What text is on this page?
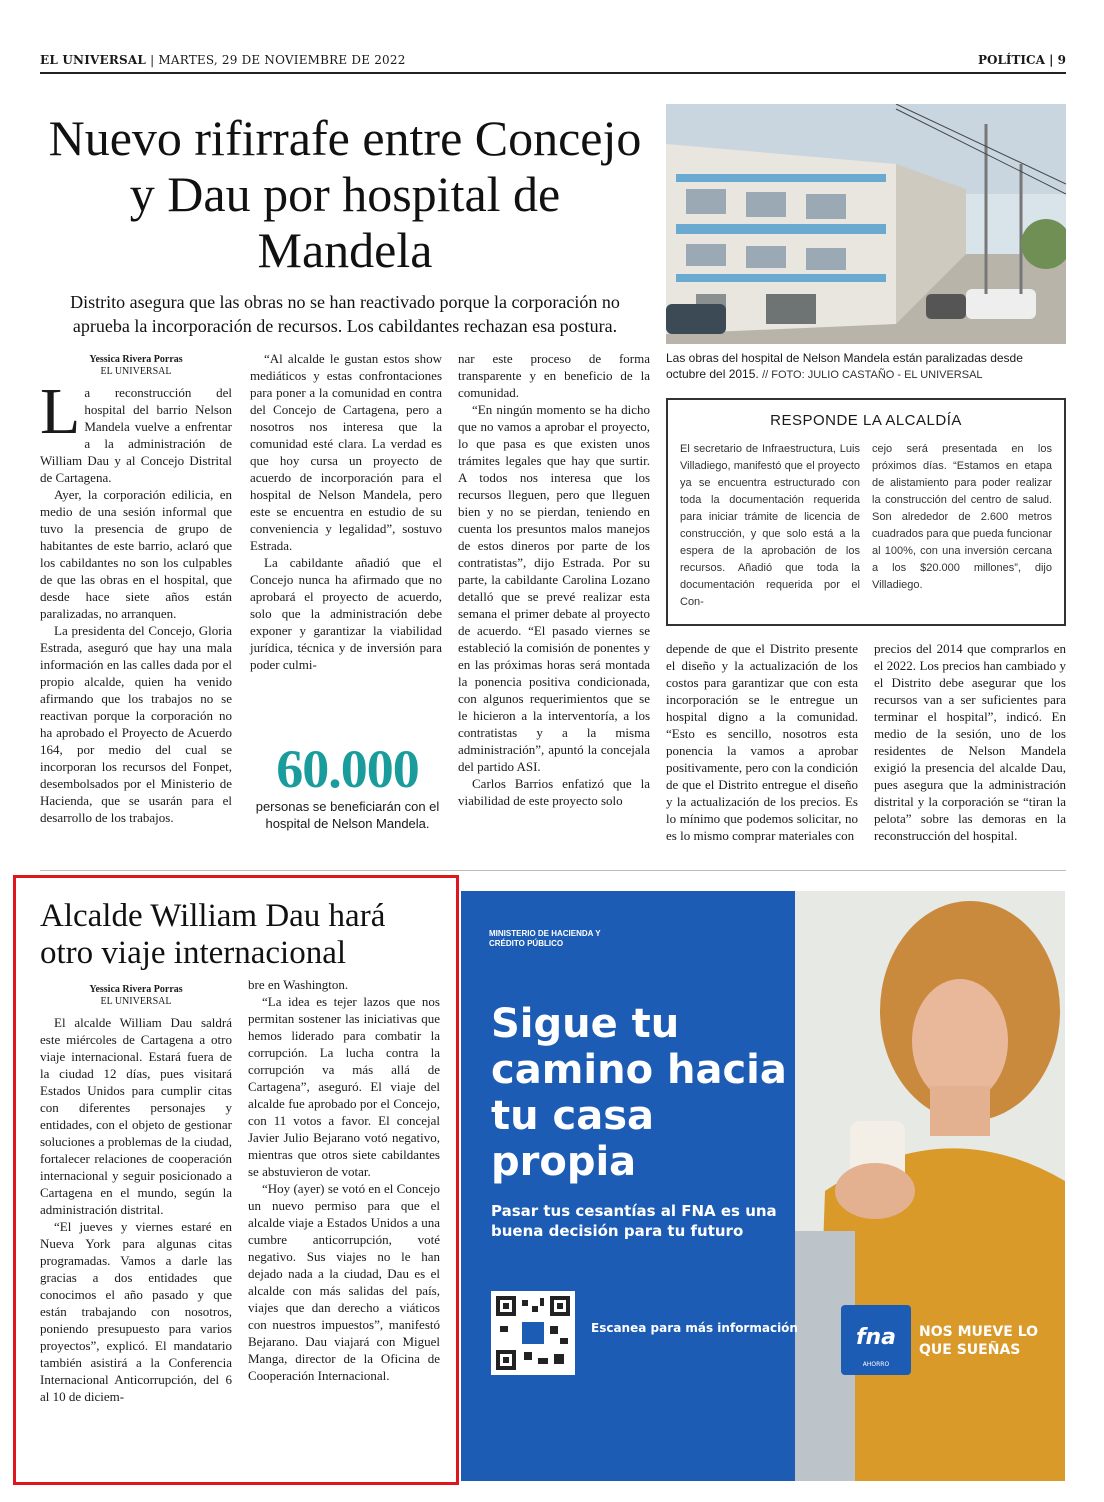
EL UNIVERSAL | MARTES, 29 DE NOVIEMBRE DE 2022	POLÍTICA | 9
Nuevo rifirrafe entre Concejo y Dau por hospital de Mandela
Distrito asegura que las obras no se han reactivado porque la corporación no aprueba la incorporación de recursos. Los cabildantes rechazan esa postura.
Las obras del hospital de Nelson Mandela están paralizadas desde octubre del 2015. // FOTO: JULIO CASTAÑO - EL UNIVERSAL
RESPONDE LA ALCALDÍA
El secretario de Infraestructura, Luis Villadiego, manifestó que el proyecto ya se encuentra estructurado con toda la documentación requerida para iniciar trámite de licencia de construcción, y que solo está a la espera de la aprobación de los recursos. Añadió que toda la documentación requerida por el Con-
cejo será presentada en los próximos días. “Estamos en etapa de alistamiento para poder realizar la construcción del centro de salud. Son alrededor de 2.600 metros cuadrados para que pueda funcionar al 100%, con una inversión cercana a los $20.000 millones”, dijo Villadiego.
Yessica Rivera Porras
EL UNIVERSAL

La reconstrucción del hospital del barrio Nelson Mandela vuelve a enfrentar a la administración de William Dau y al Concejo Distrital de Cartagena.

Ayer, la corporación edilicia, en medio de una sesión informal que tuvo la presencia de grupo de habitantes de este barrio, aclaró que los cabildantes no son los culpables de que las obras en el hospital, que desde hace siete años están paralizadas, no arranquen.

La presidenta del Concejo, Gloria Estrada, aseguró que hay una mala información en las calles dada por el propio alcalde, quien ha venido afirmando que los trabajos no se reactivan porque la corporación no ha aprobado el Proyecto de Acuerdo 164, por medio del cual se incorporan los recursos del Fonpet, desembolsados por el Ministerio de Hacienda, que se usarán para el desarrollo de los trabajos.

“Al alcalde le gustan estos show mediáticos y estas confrontaciones para poner a la comunidad en contra del Concejo de Cartagena, pero a nosotros nos interesa que la comunidad esté clara. La verdad es que hoy cursa un proyecto de acuerdo de incorporación para el hospital de Nelson Mandela, pero este se encuentra en estudio de su conveniencia y legalidad”, sostuvo Estrada.

La cabildante añadió que el Concejo nunca ha afirmado que no aprobará el proyecto de acuerdo, solo que la administración debe exponer y garantizar la viabilidad jurídica, técnica y de inversión para poder culmi-

60.000
personas se beneficiarán con el hospital de Nelson Mandela.

nar este proceso de forma transparente y en beneficio de la comunidad.

“En ningún momento se ha dicho que no vamos a aprobar el proyecto, lo que pasa es que existen unos trámites legales que hay que surtir. A todos nos interesa que los recursos lleguen, pero que lleguen bien y no se pierdan, teniendo en cuenta los presuntos malos manejos de estos dineros por parte de los contratistas”, dijo Estrada. Por su parte, la cabildante Carolina Lozano detalló que se prevé realizar esta semana el primer debate al proyecto de acuerdo. “El pasado viernes se estableció la comisión de ponentes y en las próximas horas será montada la ponencia positiva condicionada, con algunos requerimientos que se le hicieron a la interventoría, a los contratistas y a la misma administración”, apuntó la concejala del partido ASI.

Carlos Barrios enfatizó que la viabilidad de este proyecto solo

depende de que el Distrito presente el diseño y la actualización de los costos para garantizar que con esta incorporación se le entregue un hospital digno a la comunidad. “Esto es sencillo, nosotros esta ponencia la vamos a aprobar positivamente, pero con la condición de que el Distrito entregue el diseño y la actualización de los precios. Es lo mínimo que podemos solicitar, no es lo mismo comprar materiales con

precios del 2014 que comprarlos en el 2022. Los precios han cambiado y el Distrito debe asegurar que los recursos van a ser suficientes para terminar el hospital”, indicó. En medio de la sesión, uno de los residentes de Nelson Mandela exigió la presencia del alcalde Dau, pues asegura que la administración distrital y la corporación se “tiran la pelota” sobre las demoras en la reconstrucción del hospital.

Alcalde William Dau hará otro viaje internacional
Yessica Rivera Porras
EL UNIVERSAL

El alcalde William Dau saldrá este miércoles de Cartagena a otro viaje internacional. Estará fuera de la ciudad 12 días, pues visitará Estados Unidos para cumplir citas con diferentes personajes y entidades, con el objeto de gestionar soluciones a problemas de la ciudad, fortalecer relaciones de cooperación internacional y seguir posicionado a Cartagena en el mundo, según la administración distrital.

“El jueves y viernes estaré en Nueva York para algunas citas programadas. Vamos a darle las gracias a dos entidades que conocimos el año pasado y que están trabajando con nosotros, poniendo presupuesto para varios proyectos”, explicó. El mandatario también asistirá a la Conferencia Internacional Anticorrupción, del 6 al 10 de diciem-

bre en Washington.

“La idea es tejer lazos que nos permitan sostener las iniciativas que hemos liderado para combatir la corrupción. La lucha contra la corrupción va más allá de Cartagena”, aseguró. El viaje del alcalde fue aprobado por el Concejo, con 11 votos a favor. El concejal Javier Julio Bejarano votó negativo, mientras que otros siete cabildantes se abstuvieron de votar.

“Hoy (ayer) se votó en el Concejo un nuevo permiso para que el alcalde viaje a Estados Unidos a una cumbre anticorrupción, voté negativo. Sus viajes no le han dejado nada a la ciudad, Dau es el alcalde con más salidas del país, viajes que dan derecho a viáticos con nuestros impuestos”, manifestó Bejarano. Dau viajará con Miguel Manga, director de la Oficina de Cooperación Internacional.

MINISTERIO DE HACIENDA Y
CRÉDITO PÚBLICO
Sigue tu camino hacia tu casa propia
Pasar tus cesantías al FNA es una buena decisión para tu futuro
Escanea para más información	fna
AHORRO
NOS MUEVE LO QUE SUEÑAS
